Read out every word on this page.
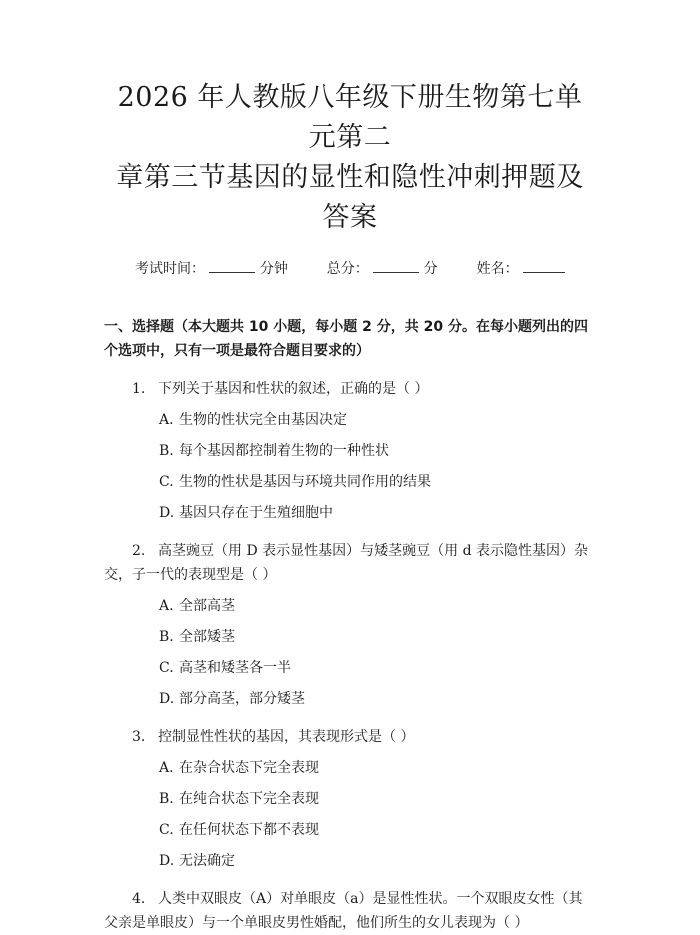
2026 年人教版八年级下册生物第七单元第二
章第三节基因的显性和隐性冲刺押题及答案
考试时间：	分钟	总分：	分	姓名：
一、选择题（本大题共 10 小题，每小题 2 分，共 20 分。在每小题列出的四个选项中，只有一项是最符合题目要求的）
1. 下列关于基因和性状的叙述，正确的是（ ）
A. 生物的性状完全由基因决定
B. 每个基因都控制着生物的一种性状
C. 生物的性状是基因与环境共同作用的结果
D. 基因只存在于生殖细胞中
2. 高茎豌豆（用 D 表示显性基因）与矮茎豌豆（用 d 表示隐性基因）杂交，子一代的表现型是（ ）
A. 全部高茎
B. 全部矮茎
C. 高茎和矮茎各一半
D. 部分高茎，部分矮茎
3. 控制显性性状的基因，其表现形式是（ ）
A. 在杂合状态下完全表现
B. 在纯合状态下完全表现
C. 在任何状态下都不表现
D. 无法确定
4. 人类中双眼皮（A）对单眼皮（a）是显性性状。一个双眼皮女性（其父亲是单眼皮）与一个单眼皮男性婚配，他们所生的女儿表现为（ ）
